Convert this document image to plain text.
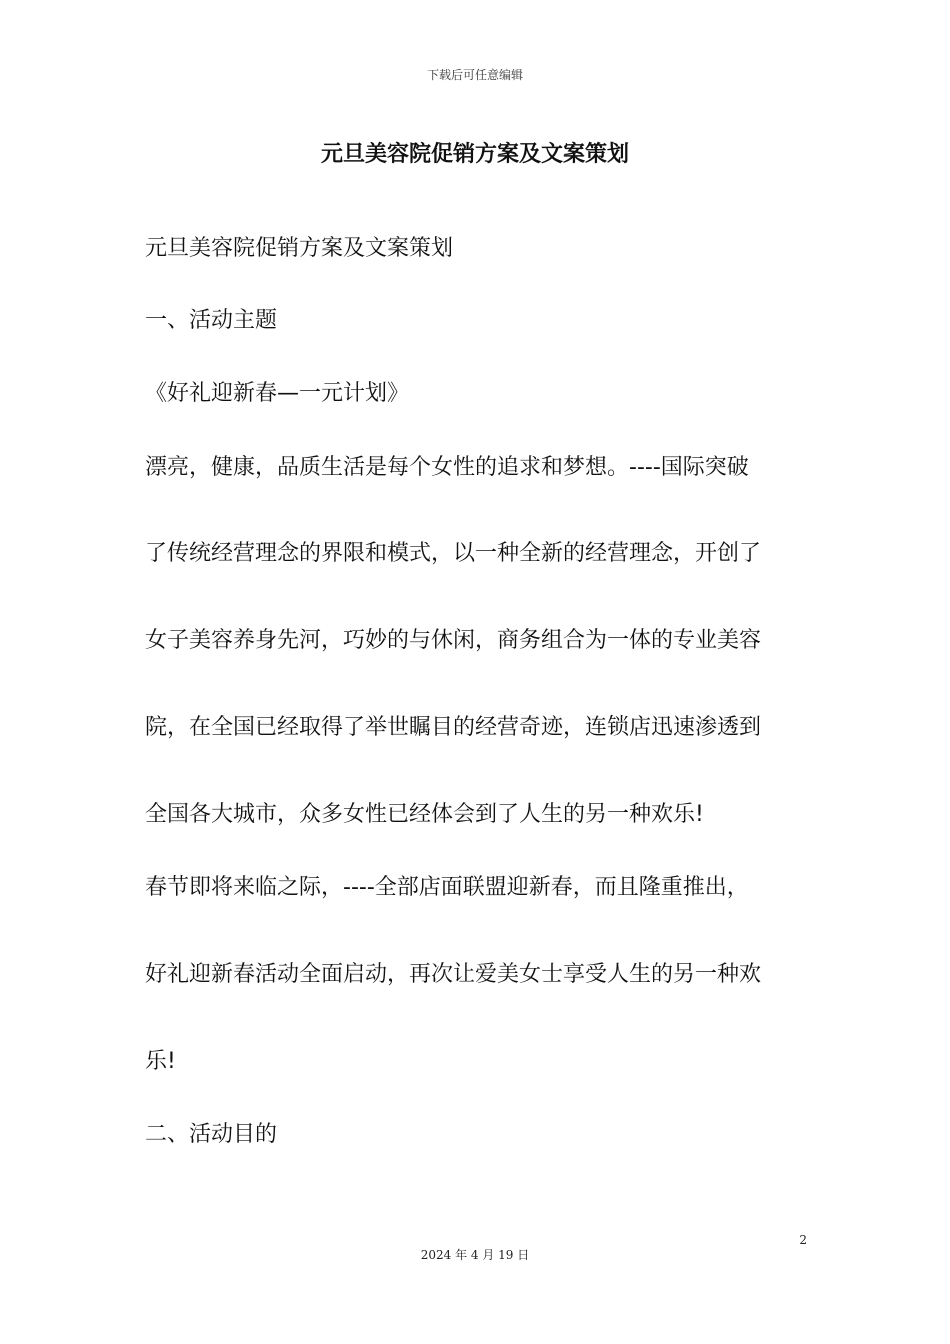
下载后可任意编辑
元旦美容院促销方案及文案策划
元旦美容院促销方案及文案策划
一、活动主题
《好礼迎新春—一元计划》
漂亮，健康，品质生活是每个女性的追求和梦想。----国际突破
了传统经营理念的界限和模式，以一种全新的经营理念，开创了
女子美容养身先河，巧妙的与休闲，商务组合为一体的专业美容
院，在全国已经取得了举世瞩目的经营奇迹，连锁店迅速渗透到
全国各大城市，众多女性已经体会到了人生的另一种欢乐!
春节即将来临之际，----全部店面联盟迎新春，而且隆重推出，
好礼迎新春活动全面启动，再次让爱美女士享受人生的另一种欢
乐!
二、活动目的
2
2024 年 4 月 19 日
